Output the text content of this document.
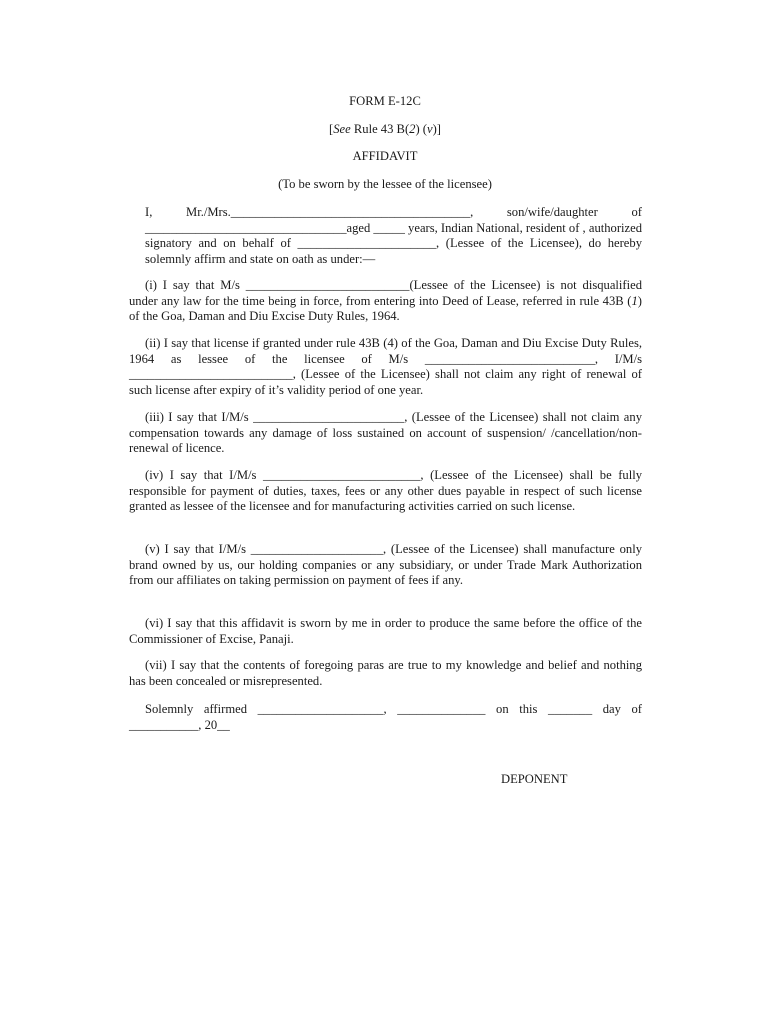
FORM E-12C
[See Rule 43 B(2) (v)]
AFFIDAVIT
(To be sworn by the lessee of the licensee)
I, Mr./Mrs.______________________________________, son/wife/daughter of ________________________________aged _____ years, Indian National, resident of , authorized signatory and on behalf of ______________________, (Lessee of the Licensee), do hereby solemnly affirm and state on oath as under:—
(i) I say that M/s __________________________(Lessee of the Licensee) is not disqualified under any law for the time being in force, from entering into Deed of Lease, referred in rule 43B (1) of the Goa, Daman and Diu Excise Duty Rules, 1964.
(ii) I say that license if granted under rule 43B (4) of the Goa, Daman and Diu Excise Duty Rules, 1964 as lessee of the licensee of M/s ___________________________, I/M/s __________________________, (Lessee of the Licensee) shall not claim any right of renewal of such license after expiry of it’s validity period of one year.
(iii) I say that I/M/s ________________________, (Lessee of the Licensee) shall not claim any compensation towards any damage of loss sustained on account of suspension/ /cancellation/non-renewal of licence.
(iv) I say that I/M/s _________________________, (Lessee of the Licensee) shall be fully responsible for payment of duties, taxes, fees or any other dues payable in respect of such license granted as lessee of the licensee and for manufacturing activities carried on such license.
(v) I say that I/M/s _____________________, (Lessee of the Licensee) shall manufacture only brand owned by us, our holding companies or any subsidiary, or under Trade Mark Authorization from our affiliates on taking permission on payment of fees if any.
(vi) I say that this affidavit is sworn by me in order to produce the same before the office of the Commissioner of Excise, Panaji.
(vii) I say that the contents of foregoing paras are true to my knowledge and belief and nothing has been concealed or misrepresented.
Solemnly affirmed ____________________, ______________ on this _______ day of ___________, 20__
DEPONENT
